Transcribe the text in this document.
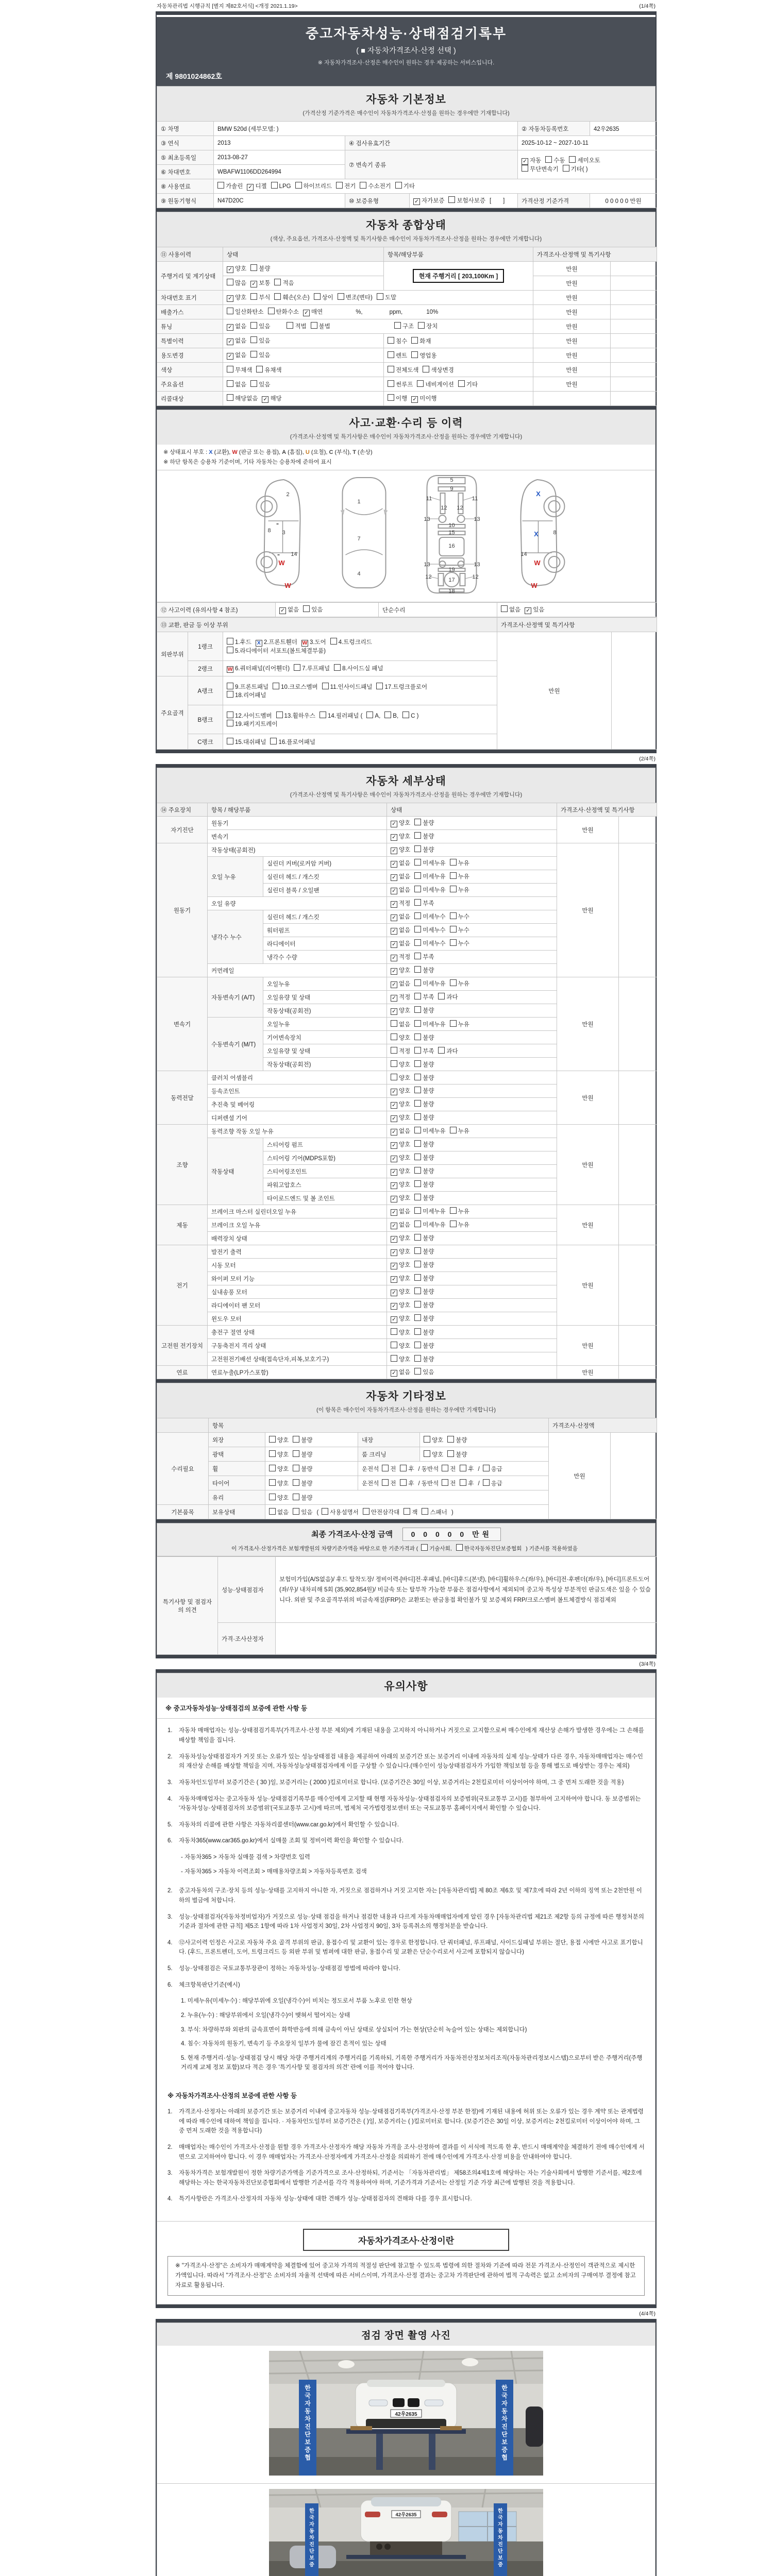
자동차관리법 시행규칙 [별지 제82호서식] <개정 2021.1.19>	(1/4쪽)
중고자동차성능·상태점검기록부
( ■ 자동차가격조사·산정 선택 )
※ 자동차가격조사·산정은 매수인이 원하는 경우 제공하는 서비스입니다.
제 9801024862호
자동차 기본정보
(가격산정 기준가격은 매수인이 자동차가격조사·산정을 원하는 경우에만 기재합니다)
① 차명	BMW 520d (세부모델: )			② 자동차등록번호	42우2635
③ 연식	2013	④ 검사유효기간		2025-10-12 ~ 2027-10-11	
⑤ 최초등록일	2013-08-27	⑦ 변속기 종류		✓ 자동 수동 세미오토
무단변속기 기타( )	
⑥ 차대번호	WBAFW1106DD264994				
⑧ 사용연료	가솔린 ✓ 디젤 LPG 하이브리드 전기 수소전기 기타				
⑨ 원동기형식	N47D20C	⑩ 보증유형	✓ 자가보증 보험사보증 [　　]	가격산정 기준가격	0 0 0 0 0 만원
자동차 종합상태
(색상, 주요옵션, 가격조사·산정액 및 특기사항은 매수인이 자동차가격조사·산정을 원하는 경우에만 기재합니다)
⑪ 사용이력	상태	항목/해당부품	가격조사·산정액 및 특기사항	
주행거리 및 계기상태	✓ 양호 불량	현재 주행거리 [ 203,100Km ]	만원	
	많음 ✓ 보통 적음		만원	
차대번호 표기	✓ 양호 부식 훼손(오손) 상이 변조(변타) 도말		만원	
배출가스	일산화탄소 탄화수소 ✓ 매연 %, ppm, 10%		만원	
튜닝	✓ 없음 있음 적법 불법 구조 장치		만원	
특별이력	✓ 없음 있음	침수 화재	만원	
용도변경	✓ 없음 있음	렌트 영업용	만원	
색상	무채색 유채색	전체도색 색상변경	만원	
주요옵션	없음 있음	썬루프 네비게이션 기타	만원	
리콜대상	해당없음 ✓ 해당	이행 ✓ 미이행		
사고·교환·수리 등 이력
(가격조사·산정액 및 특기사항은 매수인이 자동차가격조사·산정을 원하는 경우에만 기재합니다)
※ 상태표시 부호 : X (교환), W (판금 또는 용접), A (흠집), U (요철), C (부식), T (손상)
※ 하단 항목은 승용차 기준이며, 기타 자동차는 승용차에 준하여 표시
2
8 3
14
W
W
1
7
4
5
9
11	11
12 12
13	13
10
15
16
19
13	13
17
12	12
18
X
X	8
14
W
W
⑫ 사고이력 (유의사항 4 참조)	✓ 없음 있음	단순수리	없음 ✓ 있음
⑬ 교환, 판금 등 이상 부위			가격조사·산정액 및 특기사항	
외판부위	1랭크	1.후드 X 2.프론트휀더 W 3.도어 4.트렁크리드
5.라디에이터 서포트(볼트체결부품)	만원	
	2랭크	W 6.쿼터패널(리어휀더) 7.루프패널 8.사이드실 패널		
주요골격	A랭크	9.프론트패널 10.크로스멤버 11.인사이드패널 17.트렁크플로어
18.리어패널		
	B랭크	12.사이드멤버 13.휠하우스 14.필러패널 ( A, B, C )
19.패키지트레이		
	C랭크	15.대쉬패널 16.플로어패널		
(2/4쪽)
자동차 세부상태
(가격조사·산정액 및 특기사항은 매수인이 자동차가격조사·산정을 원하는 경우에만 기재합니다)
⑭ 주요장치	항목 / 해당부품		상태	가격조사·산정액 및 특기사항	
자기진단	원동기		✓ 양호 불량	만원	
	변속기		✓ 양호 불량		
원동기	작동상태(공회전)		✓ 양호 불량	만원	
	오일 누유	실린더 커버(로커암 커버)	✓ 없음 미세누유 누유		
		실린더 헤드 / 개스킷	✓ 없음 미세누유 누유		
		실린더 블록 / 오일팬	✓ 없음 미세누유 누유		
	오일 유량		✓ 적정 부족		
	냉각수 누수	실린더 헤드 / 개스킷	✓ 없음 미세누수 누수		
		워터펌프	✓ 없음 미세누수 누수		
		라디에이터	✓ 없음 미세누수 누수		
		냉각수 수량	✓ 적정 부족		
	커먼레일		✓ 양호 불량		
변속기	자동변속기 (A/T)	오일누유	✓ 없음 미세누유 누유	만원	
		오일유량 및 상태	✓ 적정 부족 과다		
		작동상태(공회전)	✓ 양호 불량		
	수동변속기 (M/T)	오일누유	없음 미세누유 누유		
		기어변속장치	양호 불량		
		오일유량 및 상태	적정 부족 과다		
		작동상태(공회전)	양호 불량		
동력전달	클러치 어셈블리		양호 불량	만원	
	등속조인트		✓ 양호 불량		
	추진축 및 베어링		✓ 양호 불량		
	디퍼렌셜 기어		✓ 양호 불량		
조향	동력조향 작동 오일 누유		✓ 없음 미세누유 누유	만원	
	작동상태	스티어링 펌프	✓ 양호 불량		
		스티어링 기어(MDPS포함)	✓ 양호 불량		
		스티어링조인트	✓ 양호 불량		
		파워고압호스	✓ 양호 불량		
		타이로드엔드 및 볼 조인트	✓ 양호 불량		
제동	브레이크 마스터 실린더오일 누유		✓ 없음 미세누유 누유	만원	
	브레이크 오일 누유		✓ 없음 미세누유 누유		
	배력장치 상태		✓ 양호 불량		
전기	발전기 출력		✓ 양호 불량	만원	
	시동 모터		✓ 양호 불량		
	와이퍼 모터 기능		✓ 양호 불량		
	실내송풍 모터		✓ 양호 불량		
	라디에이터 팬 모터		✓ 양호 불량		
	윈도우 모터		✓ 양호 불량		
고전원 전기장치	충전구 절연 상태		양호 불량	만원	
	구동축전지 격리 상태		양호 불량		
	고전원전기배선 상태(접속단자,피복,보호기구)		양호 불량		
연료	연료누출(LP가스포함)		✓ 없음 있음	만원	
자동차 기타정보
(이 항목은 매수인이 자동차가격조사·산정을 원하는 경우에만 기재합니다)
	항목				가격조사·산정액	
수리필요	외장	양호 불량	내장	양호 불량	만원	
	광택	양호 불량	룸 크리닝	양호 불량		
	휠	양호 불량	운전석 전 후 / 동반석 전 후 / 응급			
	타이어	양호 불량	운전석 전 후 / 동반석 전 후 / 응급			
	유리	양호 불량				
기본품목	보유상태	없음 있음 ( 사용설명서 안전삼각대 잭 스패너 )				
최종 가격조사·산정 금액	0 0 0 0 0 만원
이 가격조사·산정가격은 보험개발원의 차량기준가액을 바탕으로 한 기준가격과 ( 기술사회, 한국자동차진단보증협회 ) 기준서를 적용하였음
특기사항 및 점검자의 의견	성능·상태점검자	보험미가입(A/S없음)/ 후드 탈착도장/ 정비이력-[바디]전·후패널, [바디]후드(본넷), [바디]휠하우스(좌/우), [바디]전·후펜더(좌/우), [바디]프론트도어(좌/우)/ 내차피해 5회 (35,902,854원)/ 비금속 또는 탈부착 가능한 부품은 점검사항에서 제외되며 중고차 특성상 부분적인 판금도색은 있을 수 있습니다. 외판 및 주요골격부위의 비금속재질(FRP)은 교환또는 판금용접 확인불가 및 보증제외 FRP/크로스멤버 볼트체결방식 점검제외
	가격·조사산정자	
(3/4쪽)
유의사항
※ 중고자동차성능·상태점검의 보증에 관한 사항 등
1.	자동차 매매업자는 성능·상태점검기록부(가격조사·산정 부분 제외)에 기재된 내용을 고지하지 아니하거나 거짓으로 고지함으로써 매수인에게 재산상 손해가 발생한 경우에는 그 손해를 배상할 책임을 집니다.
2.	자동차성능상태점검자가 거짓 또는 오류가 있는 성능상태점검 내용을 제공하여 아래의 보증기간 또는 보증거리 이내에 자동차의 실제 성능·상태가 다른 경우, 자동차매매업자는 매수인의 재산상 손해를 배상할 책임을 지며, 자동차성능상태점검자에게 이를 구상할 수 있습니다.(매수인이 성능상태점검자가 가입한 책임보험 등을 통해 별도로 배상받는 경우는 제외)
3.	자동차인도일부터 보증기간은 ( 30 )일, 보증거리는 ( 2000 )킬로미터로 합니다. (보증기간은 30일 이상, 보증거리는 2천킬로미터 이상이어야 하며, 그 중 먼저 도래한 것을 적용)
4.	자동차매매업자는 중고자동차 성능·상태점검기록부를 매수인에게 고지할 때 현행 자동차성능·상태점검자의 보증범위(국토교통부 고시)를 첨부하여 고지하여야 합니다. 동 보증범위는 '자동차성능·상태점검자의 보증범위'(국토교통부 고시)에 따르며, 법제처 국가법령정보센터 또는 국토교통부 홈페이지에서 확인할 수 있습니다.
5.	자동차의 리콜에 관한 사항은 자동차리콜센터(www.car.go.kr)에서 확인할 수 있습니다.
6.	자동차365(www.car365.go.kr)에서 실매물 조회 및 정비이력 확인을 확인할 수 있습니다.
- 자동차365 > 자동차 실매물 검색 > 차량번호 입력
- 자동차365 > 자동차 이력조회 > 매매용차량조회 > 자동차등록번호 검색
2.	중고자동차의 구조·장치 등의 성능·상태를 고지하지 아니한 자, 거짓으로 점검하거나 거짓 고지한 자는 [자동차관리법] 제 80조 제6호 및 제7호에 따라 2년 이하의 징역 또는 2천만원 이하의 벌금에 처합니다.
3.	성능·상태점검자(자동차정비업자)가 거짓으로 성능·상태 점검을 하거나 점검한 내용과 다르게 자동차매매업자에게 알린 경우 [자동차관리법 제21조 제2항 등의 규정에 따른 행정처분의 기준과 절차에 관한 규칙] 제5조 1항에 따라 1차 사업정지 30일, 2차 사업정지 90일, 3차 등록취소의 행정처분을 받습니다.
4.	⑫사고이력 인정은 사고로 자동차 주요 골격 부위의 판금, 용접수리 및 교환이 있는 경우로 한정합니다. 단 쿼터패널, 루프패널, 사이드실패널 부위는 절단, 용접 시에만 사고로 표기합니다. (후드, 프론트펜더, 도어, 트렁크리드 등 외판 부위 및 범퍼에 대한 판금, 용접수리 및 교환은 단순수리로서 사고에 포함되지 않습니다)
5.	성능·상태점검은 국토교통부장관이 정하는 자동차성능·상태점검 방법에 따라야 합니다.
6.	체크항목판단기준(예시)
1. 미세누유(미세누수) : 해당부위에 오일(냉각수)이 비치는 정도로서 부품 노후로 인한 현상
2. 누유(누수) : 해당부위에서 오일(냉각수)이 맺혀서 떨어지는 상태
3. 부식: 차량하부와 외판의 금속표면이 화학반응에 의해 금속이 아닌 상태로 상실되어 가는 현상(단순히 녹슬어 있는 상태는 제외합니다)
4. 침수: 자동차의 원동기, 변속기 등 주요장치 일부가 물에 잠긴 흔적이 있는 상태
5. 현재 주행거리·성능·상태점검 당시 해당 차량 주행거리계의 주행거리를 기록하되, 기록한 주행거리가 자동차전산정보처리조직(자동차관리정보시스템)으로부터 받은 주행거리(주행거리계 교체 정보 포함)보다 적은 경우 '특기사항 및 점검자의 의견' 란에 이를 적어야 합니다.
※ 자동차가격조사·산정의 보증에 관한 사항 등
1.	가격조사·산정자는 아래의 보증기간 또는 보증거리 이내에 중고자동차 성능·상태점검기록부(가격조사·산정 부분 한정)에 기재된 내용에 허위 또는 오류가 있는 경우 계약 또는 관계법령에 따라 매수인에 대하여 책임을 집니다. · 자동차인도일부터 보증기간은 ( )일, 보증거리는 ( )킬로미터로 합니다. (보증기간은 30일 이상, 보증거리는 2천킬로미터 이상이어야 하며, 그 중 먼저 도래한 것을 적용합니다)
2.	매매업자는 매수인이 가격조사·산정을 원할 경우 가격조사·산정자가 해당 자동차 가격을 조사·산정하여 결과를 이 서식에 적도록 한 후, 반드시 매매계약을 체결하기 전에 매수인에게 서면으로 고지하여야 합니다. 이 경우 매매업자는 가격조사·산정자에게 가격조사·산정을 의뢰하기 전에 매수인에게 가격조사·산정 비용을 안내하여야 합니다.
3.	자동차가격은 보험개발원이 정한 차량기준가액을 기준가격으로 조사·산정하되, 기준서는 「자동차관리법」 제58조의4제1호에 해당하는 자는 기술사회에서 발행한 기준서를, 제2호에 해당하는 자는 한국자동차진단보증협회에서 발행한 기준서를 각각 적용하여야 하며, 기준가격과 기준서는 산정일 기준 가장 최근에 발행된 것을 적용합니다.
4.	특기사항란은 가격조사·산정자의 자동차 성능·상태에 대한 견해가 성능·상태점검자의 견해와 다를 경우 표시합니다.
자동차가격조사·산정이란
※ "가격조사·산정"은 소비자가 매매계약을 체결함에 있어 중고차 가격의 적절성 판단에 참고할 수 있도록 법령에 의한 절차와 기준에 따라 전문 가격조사·산정인이 객관적으로 제시한 가액입니다. 따라서 "가격조사·산정"은 소비자의 자율적 선택에 따른 서비스이며, 가격조사·산정 결과는 중고차 가격판단에 관하여 법적 구속력은 없고 소비자의 구매여부 결정에 참고자료로 활용됩니다.
(4/4쪽)
점검 장면 촬영 사진
한 국 자 동 차 진 단 보 증 협
한 국 자 동 차 진 단 보 증 협
42우2635
한 국 자 동 차 진 단 보 증
한 국 자 동 차 진 단 보 증
42우2635
